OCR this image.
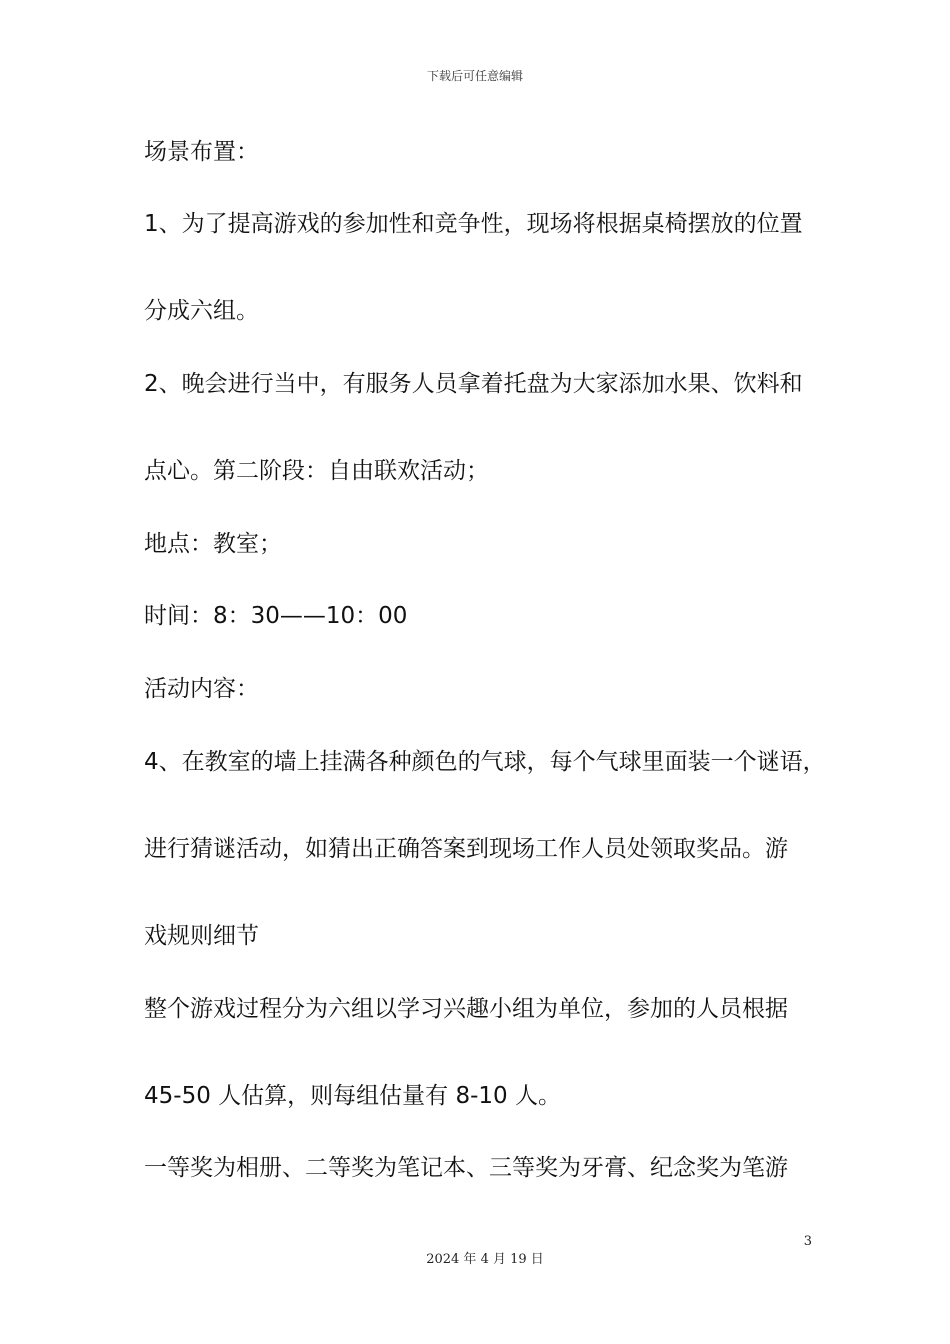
下载后可任意编辑
场景布置：
1、为了提高游戏的参加性和竞争性，现场将根据桌椅摆放的位置
分成六组。
2、晚会进行当中，有服务人员拿着托盘为大家添加水果、饮料和
点心。第二阶段：自由联欢活动；
地点：教室；
时间：8：30——10：00
活动内容：
4、在教室的墙上挂满各种颜色的气球，每个气球里面装一个谜语，
进行猜谜活动，如猜出正确答案到现场工作人员处领取奖品。游
戏规则细节
整个游戏过程分为六组以学习兴趣小组为单位，参加的人员根据
45-50 人估算，则每组估量有 8-10 人。
一等奖为相册、二等奖为笔记本、三等奖为牙膏、纪念奖为笔游
3
2024 年 4 月 19 日
